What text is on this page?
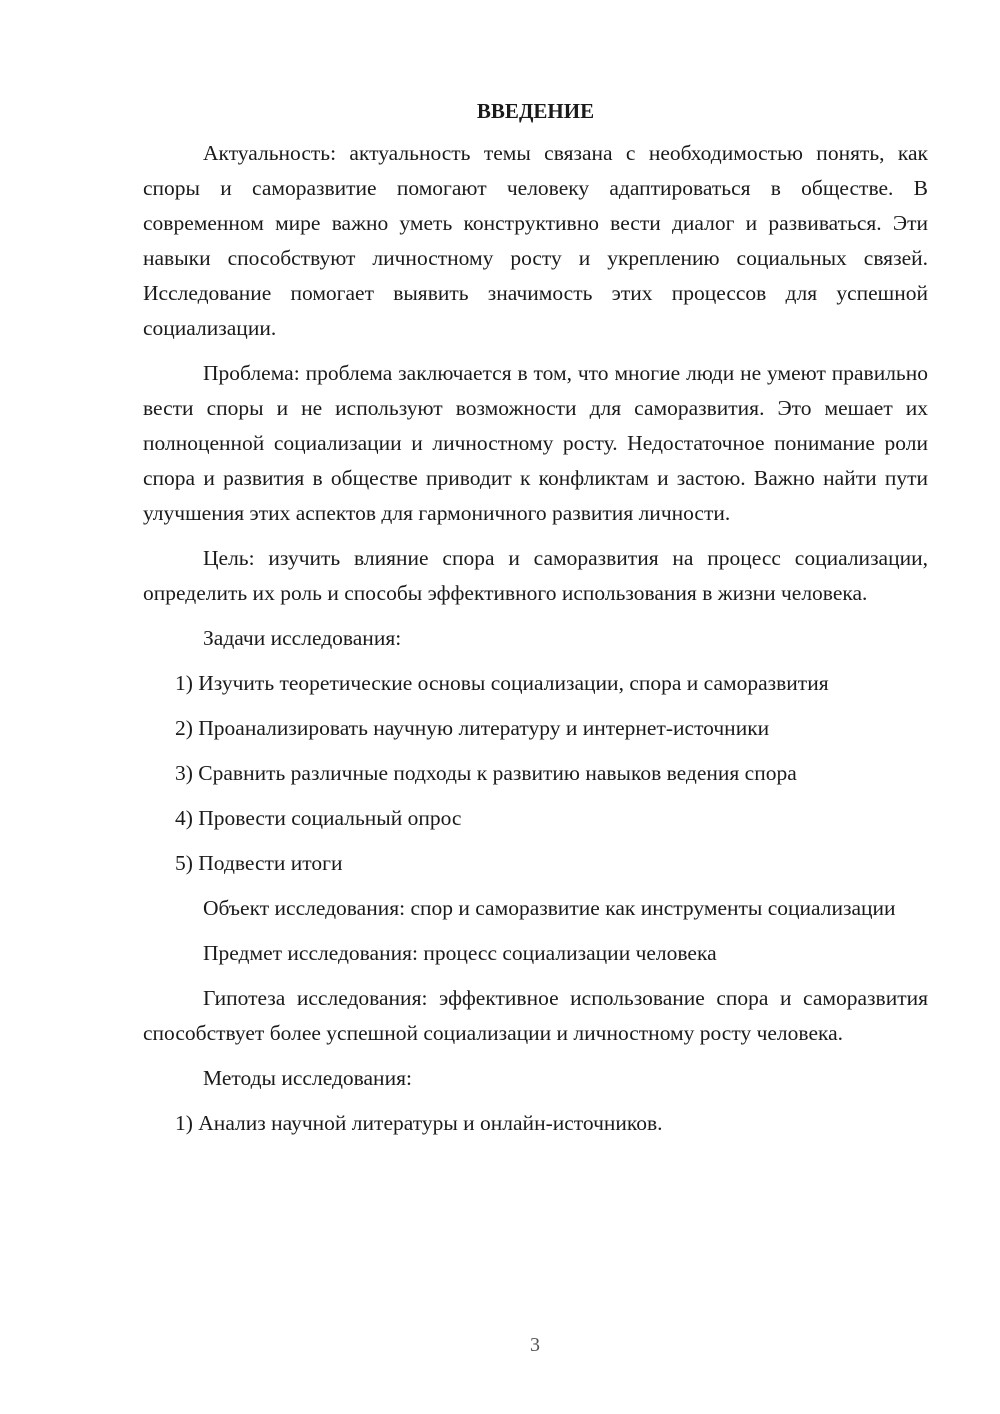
ВВЕДЕНИЕ

Актуальность: актуальность темы связана с необходимостью понять, как споры и саморазвитие помогают человеку адаптироваться в обществе. В современном мире важно уметь конструктивно вести диалог и развиваться. Эти навыки способствуют личностному росту и укреплению социальных связей. Исследование помогает выявить значимость этих процессов для успешной социализации.

Проблема: проблема заключается в том, что многие люди не умеют правильно вести споры и не используют возможности для саморазвития. Это мешает их полноценной социализации и личностному росту. Недостаточное понимание роли спора и развития в обществе приводит к конфликтам и застою. Важно найти пути улучшения этих аспектов для гармоничного развития личности.

Цель: изучить влияние спора и саморазвития на процесс социализации, определить их роль и способы эффективного использования в жизни человека.

Задачи исследования:

1) Изучить теоретические основы социализации, спора и саморазвития
2) Проанализировать научную литературу и интернет-источники
3) Сравнить различные подходы к развитию навыков ведения спора
4) Провести социальный опрос
5) Подвести итоги

Объект исследования: спор и саморазвитие как инструменты социализации

Предмет исследования: процесс социализации человека

Гипотеза исследования: эффективное использование спора и саморазвития способствует более успешной социализации и личностному росту человека.

Методы исследования:

1) Анализ научной литературы и онлайн-источников.
3
